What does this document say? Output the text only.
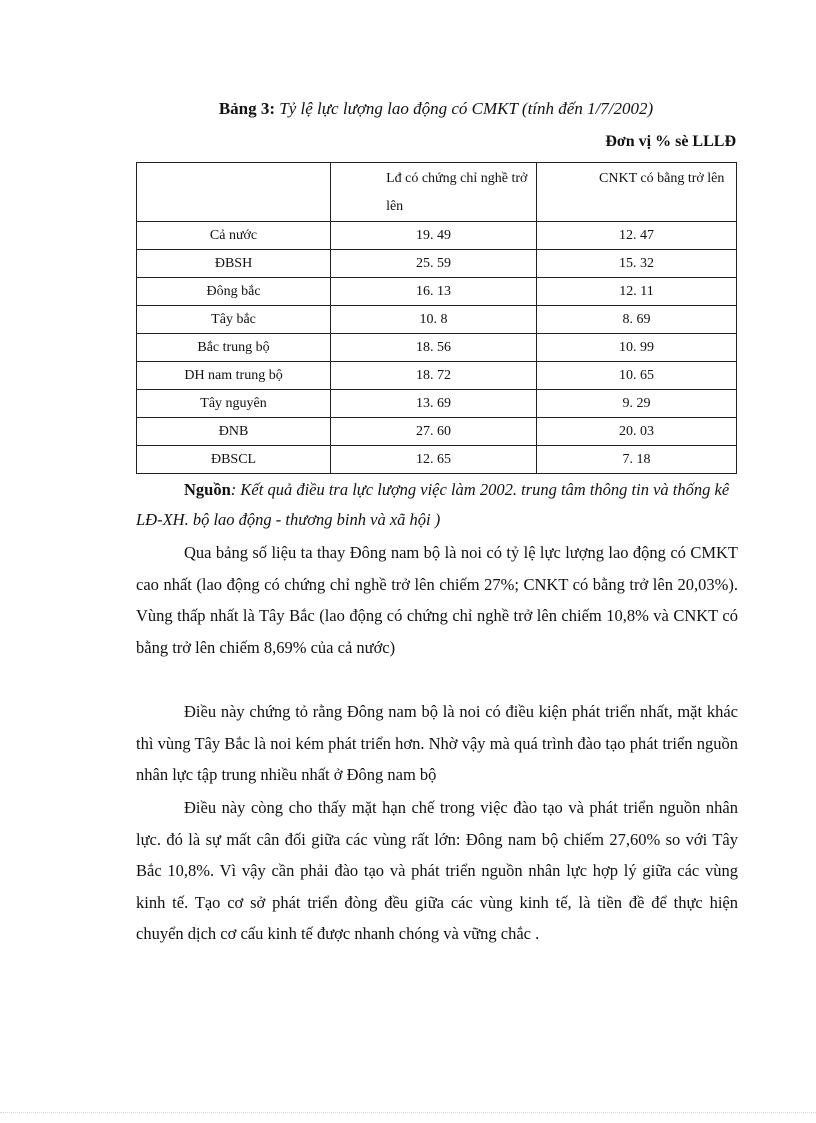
Bảng 3: Tỷ lệ lực lượng lao động có CMKT (tính đến 1/7/2002)
Đơn vị % sè LLLĐ

	Lđ có chứng chỉ nghề trở lên	CNKT có bằng trở lên

Cả nước	19. 49	12. 47
ĐBSH	25. 59	15. 32
Đông bắc	16. 13	12. 11
Tây bắc	10. 8	8. 69
Bắc trung bộ	18. 56	10. 99
DH nam trung bộ	18. 72	10. 65
Tây nguyên	13. 69	9. 29
ĐNB	27. 60	20. 03
ĐBSCL	12. 65	7. 18
Nguồn: Kết quả điều tra lực lượng việc làm 2002. trung tâm thông tin và thống kê LĐ-XH. bộ lao động - thương binh và xã hội )

Qua bảng số liệu ta thay Đông nam bộ là noi có tỷ lệ lực lượng lao động có CMKT cao nhất (lao động có chứng chỉ nghề trở lên chiếm 27%; CNKT có bằng trở lên 20,03%). Vùng thấp nhất là Tây Bắc (lao động có chứng chỉ nghề trở lên chiếm 10,8% và CNKT có bằng trở lên chiếm 8,69% của cả nước)

Điều này chứng tỏ rằng Đông nam bộ là noi có điều kiện phát triển nhất, mặt khác thì vùng Tây Bắc là noi kém phát triển hơn. Nhờ vậy mà quá trình đào tạo phát triển nguồn nhân lực tập trung nhiều nhất ở Đông nam bộ

Điều này còng cho thấy mặt hạn chế trong việc đào tạo và phát triển nguồn nhân lực. đó là sự mất cân đối giữa các vùng rất lớn: Đông nam bộ chiếm 27,60% so với Tây Bắc 10,8%. Vì vậy cần phải đào tạo và phát triển nguồn nhân lực hợp lý giữa các vùng kinh tế. Tạo cơ sở phát triển đòng đều giữa các vùng kinh tế, là tiền đề để thực hiện chuyển dịch cơ cấu kinh tế được nhanh chóng và vững chắc .
